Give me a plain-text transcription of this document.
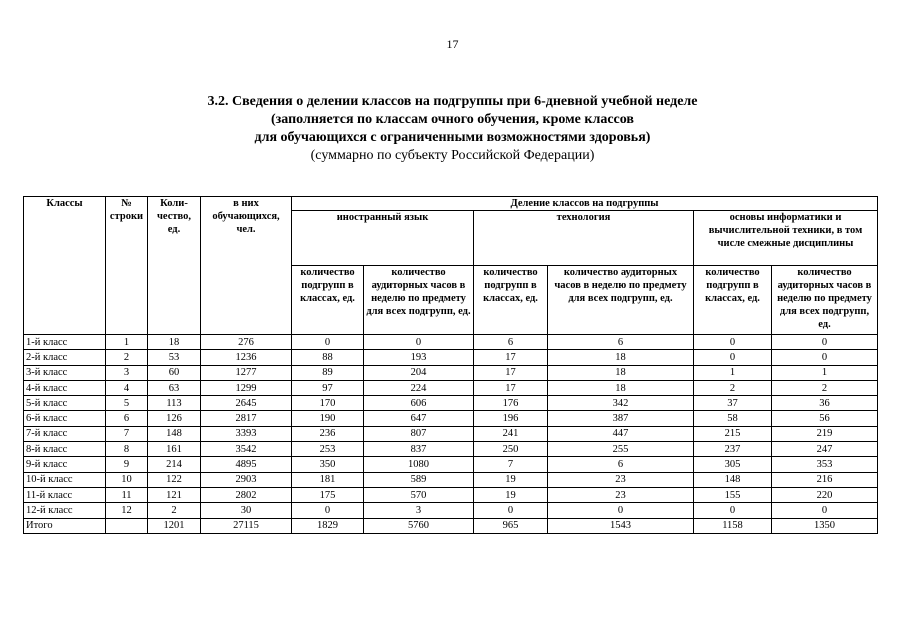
17
3.2. Сведения о делении классов на подгруппы при 6-дневной учебной неделе
(заполняется по классам очного обучения, кроме классов
для обучающихся с ограниченными возможностями здоровья)
(суммарно по субъекту Российской Федерации)
Классы	№ строки	Коли-чество, ед.	в них обучающихся, чел.	Деление классов на подгруппы					
				иностранный язык		технология		основы информатики и вычислительной техники, в том числе смежные дисциплины	
				количество подгрупп в классах, ед.	количество аудиторных часов в неделю по предмету для всех подгрупп, ед.	количество подгрупп в классах, ед.	количество аудиторных часов в неделю по предмету для всех подгрупп, ед.	количество подгрупп в классах, ед.	количество аудиторных часов в неделю по предмету для всех подгрупп, ед.
1-й класс	1	18	276	0	0	6	6	0	0
2-й класс	2	53	1236	88	193	17	18	0	0
3-й класс	3	60	1277	89	204	17	18	1	1
4-й класс	4	63	1299	97	224	17	18	2	2
5-й класс	5	113	2645	170	606	176	342	37	36
6-й класс	6	126	2817	190	647	196	387	58	56
7-й класс	7	148	3393	236	807	241	447	215	219
8-й класс	8	161	3542	253	837	250	255	237	247
9-й класс	9	214	4895	350	1080	7	6	305	353
10-й класс	10	122	2903	181	589	19	23	148	216
11-й класс	11	121	2802	175	570	19	23	155	220
12-й класс	12	2	30	0	3	0	0	0	0
Итого		1201	27115	1829	5760	965	1543	1158	1350
